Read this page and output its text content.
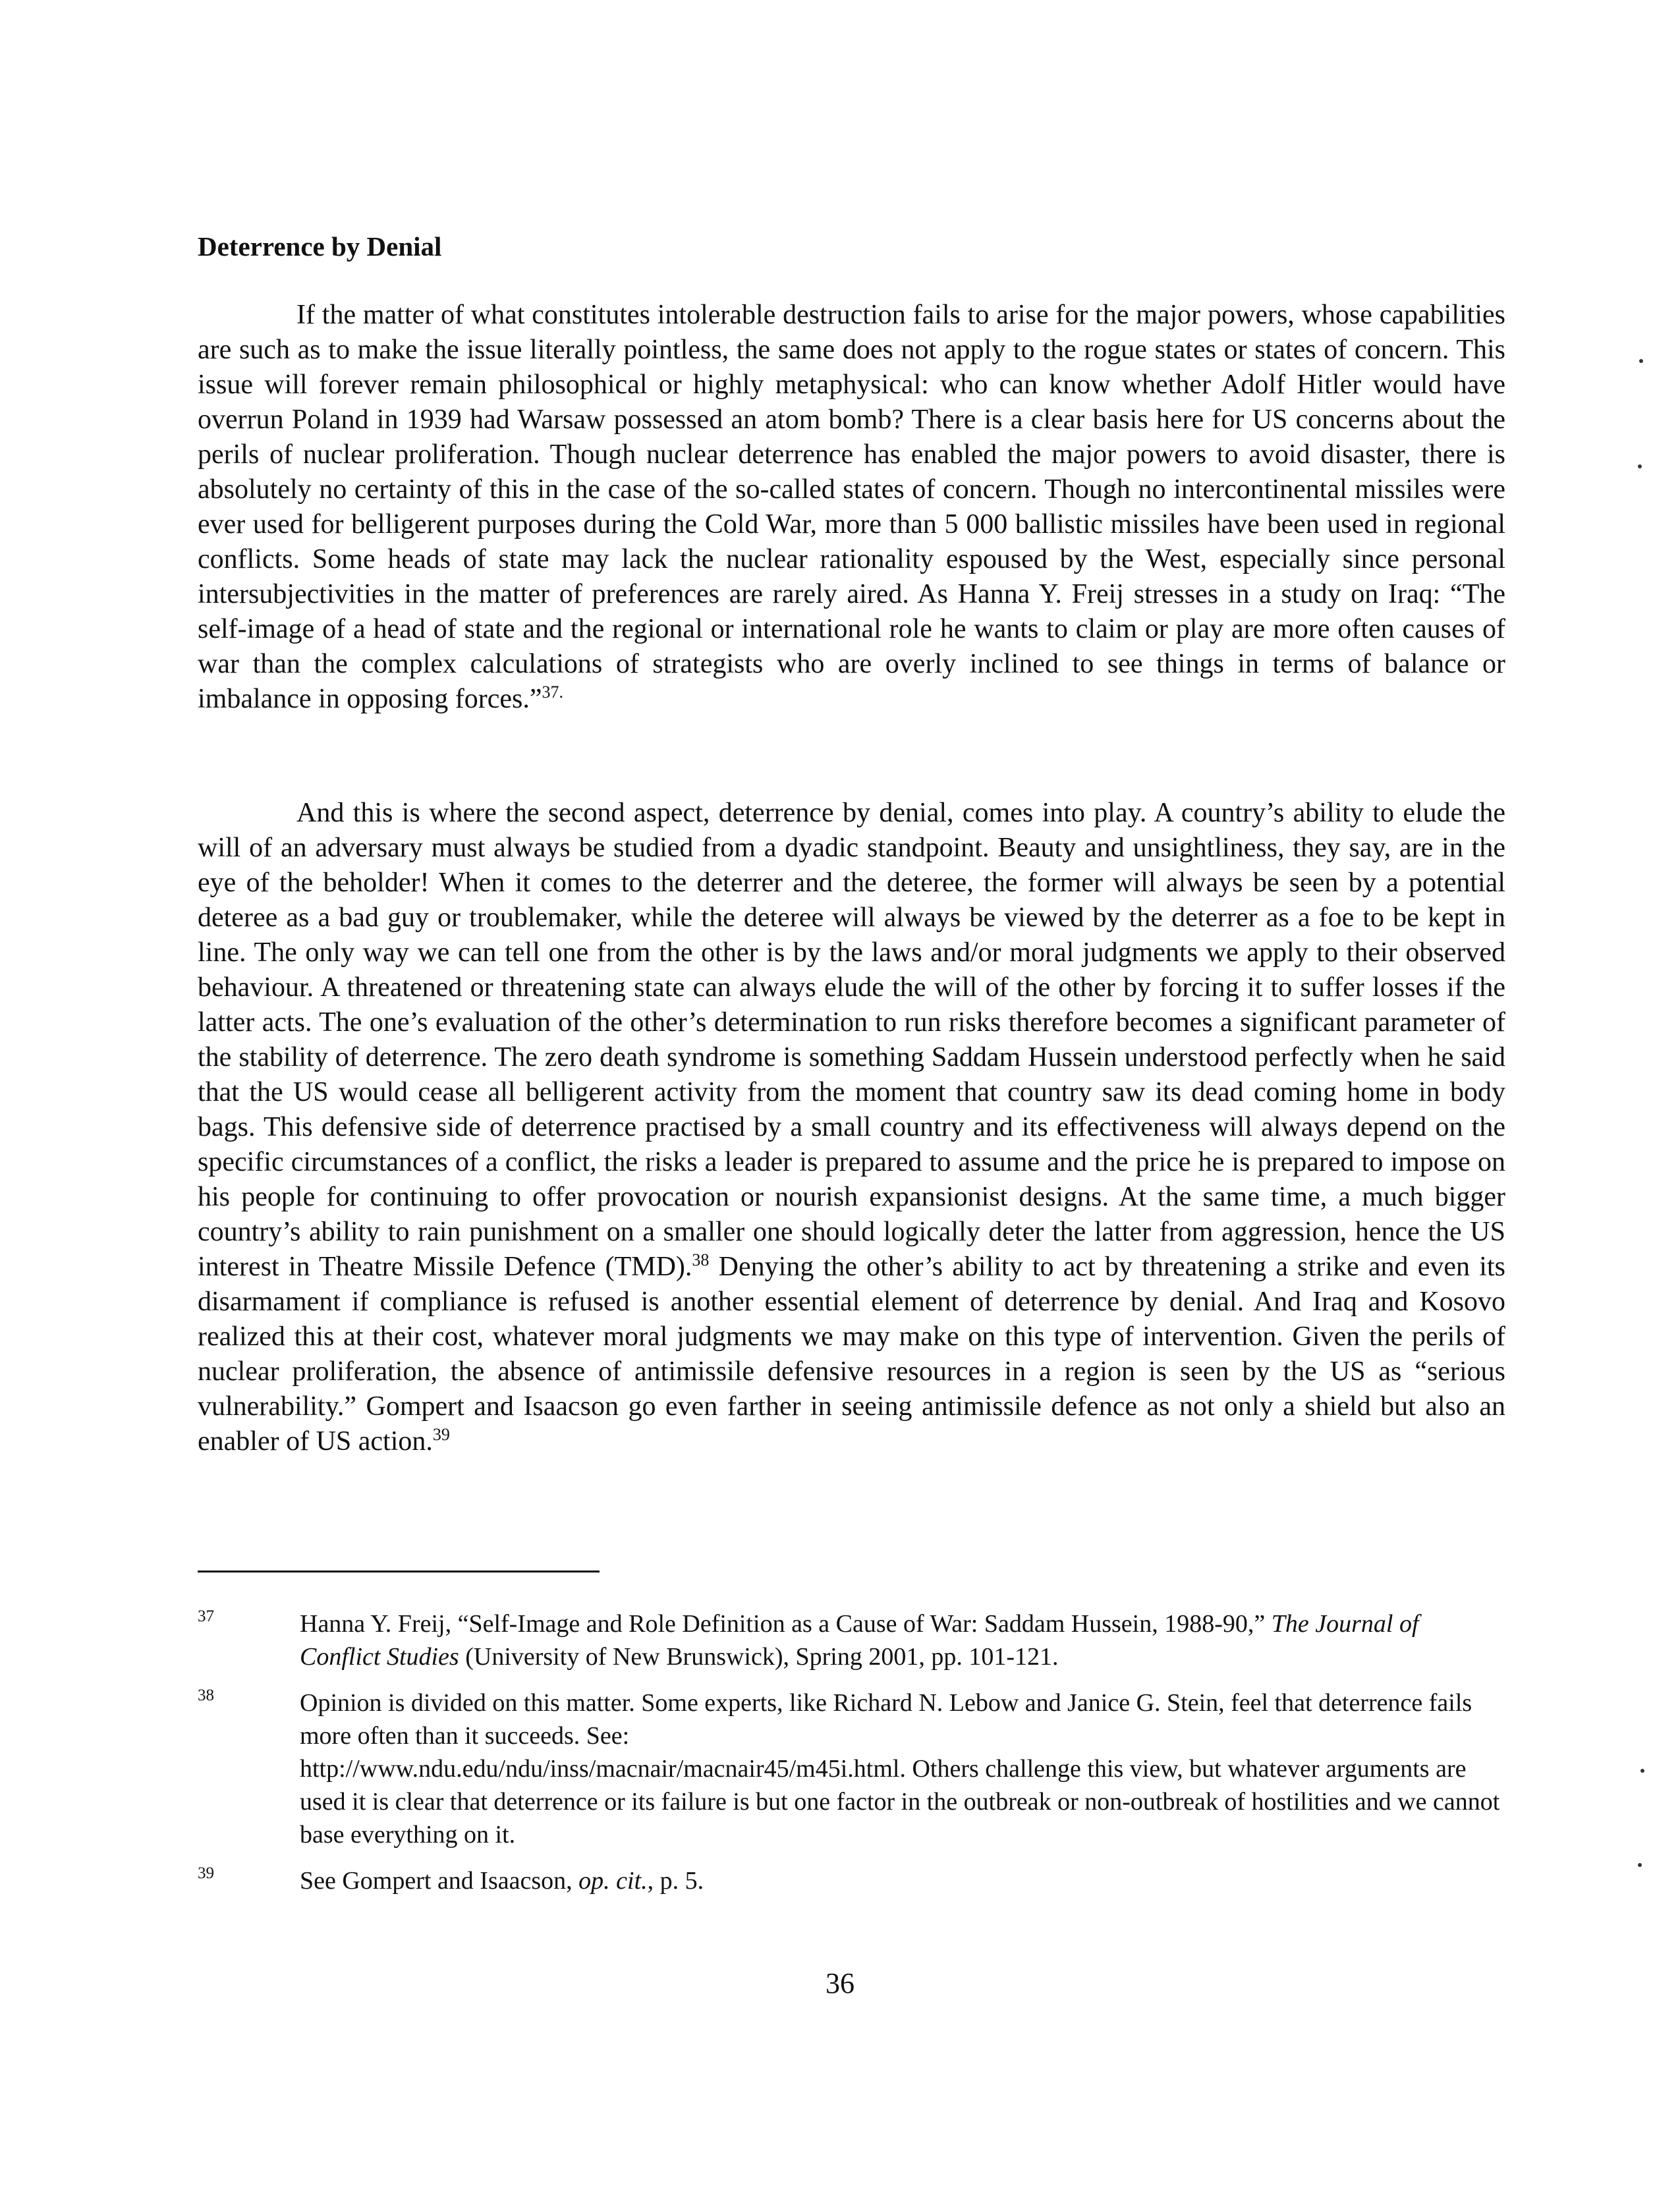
Deterrence by Denial

If the matter of what constitutes intolerable destruction fails to arise for the major powers, whose capabilities are such as to make the issue literally pointless, the same does not apply to the rogue states or states of concern. This issue will forever remain philosophical or highly metaphysical: who can know whether Adolf Hitler would have overrun Poland in 1939 had Warsaw possessed an atom bomb? There is a clear basis here for US concerns about the perils of nuclear proliferation. Though nuclear deterrence has enabled the major powers to avoid disaster, there is absolutely no certainty of this in the case of the so-called states of concern. Though no intercontinental missiles were ever used for belligerent purposes during the Cold War, more than 5 000 ballistic missiles have been used in regional conflicts. Some heads of state may lack the nuclear rationality espoused by the West, especially since personal intersubjectivities in the matter of preferences are rarely aired. As Hanna Y. Freij stresses in a study on Iraq: “The self-image of a head of state and the regional or international role he wants to claim or play are more often causes of war than the complex calculations of strategists who are overly inclined to see things in terms of balance or imbalance in opposing forces.”$^{37.}$

And this is where the second aspect, deterrence by denial, comes into play. A country’s ability to elude the will of an adversary must always be studied from a dyadic standpoint. Beauty and unsightliness, they say, are in the eye of the beholder! When it comes to the deterrer and the deteree, the former will always be seen by a potential deteree as a bad guy or troublemaker, while the deteree will always be viewed by the deterrer as a foe to be kept in line. The only way we can tell one from the other is by the laws and/or moral judgments we apply to their observed behaviour. A threatened or threatening state can always elude the will of the other by forcing it to suffer losses if the latter acts. The one’s evaluation of the other’s determination to run risks therefore becomes a significant parameter of the stability of deterrence. The zero death syndrome is something Saddam Hussein understood perfectly when he said that the US would cease all belligerent activity from the moment that country saw its dead coming home in body bags. This defensive side of deterrence practised by a small country and its effectiveness will always depend on the specific circumstances of a conflict, the risks a leader is prepared to assume and the price he is prepared to impose on his people for continuing to offer provocation or nourish expansionist designs. At the same time, a much bigger country’s ability to rain punishment on a smaller one should logically deter the latter from aggression, hence the US interest in Theatre Missile Defence (TMD).$^{38}$ Denying the other’s ability to act by threatening a strike and even its disarmament if compliance is refused is another essential element of deterrence by denial. And Iraq and Kosovo realized this at their cost, whatever moral judgments we may make on this type of intervention. Given the perils of nuclear proliferation, the absence of antimissile defensive resources in a region is seen by the US as “serious vulnerability.” Gompert and Isaacson go even farther in seeing antimissile defence as not only a shield but also an enabler of US action.$^{39}$

37	Hanna Y. Freij, “Self-Image and Role Definition as a Cause of War: Saddam Hussein, 1988-90,” The Journal of Conflict Studies (University of New Brunswick), Spring 2001, pp. 101-121.

38	Opinion is divided on this matter. Some experts, like Richard N. Lebow and Janice G. Stein, feel that deterrence fails more often than it succeeds. See:
http://www.ndu.edu/ndu/inss/macnair/macnair45/m45i.html. Others challenge this view, but whatever arguments are used it is clear that deterrence or its failure is but one factor in the outbreak or non-outbreak of hostilities and we cannot base everything on it.

39	See Gompert and Isaacson, op. cit., p. 5.

36
